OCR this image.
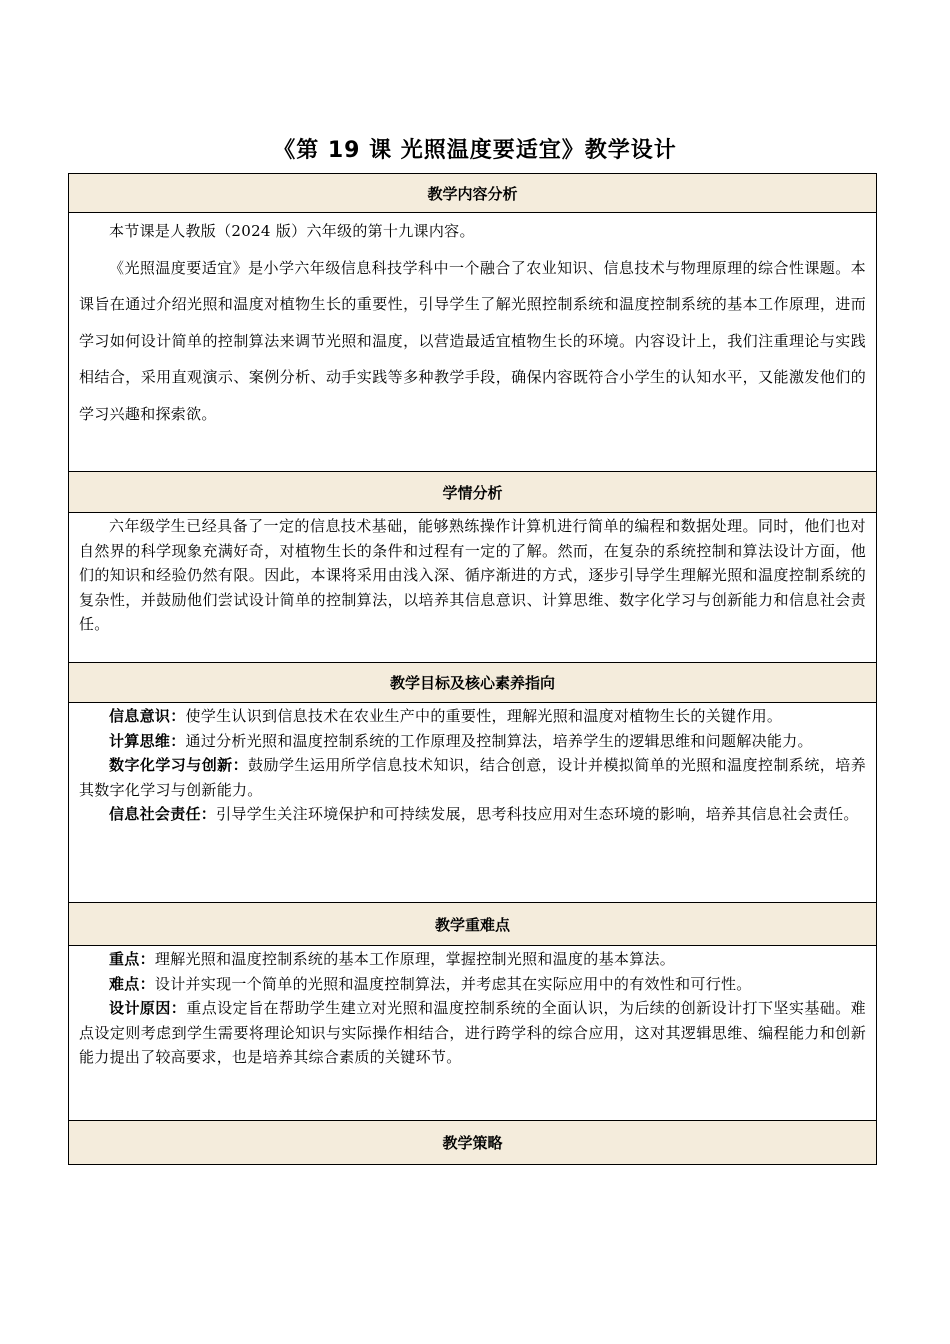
《第 19 课 光照温度要适宜》教学设计
教学内容分析

本节课是人教版（2024 版）六年级的第十九课内容。

《光照温度要适宜》是小学六年级信息科技学科中一个融合了农业知识、信息技术与物理原理的综合性课题。本课旨在通过介绍光照和温度对植物生长的重要性，引导学生了解光照控制系统和温度控制系统的基本工作原理，进而学习如何设计简单的控制算法来调节光照和温度，以营造最适宜植物生长的环境。内容设计上，我们注重理论与实践相结合，采用直观演示、案例分析、动手实践等多种教学手段，确保内容既符合小学生的认知水平，又能激发他们的学习兴趣和探索欲。

学情分析

六年级学生已经具备了一定的信息技术基础，能够熟练操作计算机进行简单的编程和数据处理。同时，他们也对自然界的科学现象充满好奇，对植物生长的条件和过程有一定的了解。然而，在复杂的系统控制和算法设计方面，他们的知识和经验仍然有限。因此，本课将采用由浅入深、循序渐进的方式，逐步引导学生理解光照和温度控制系统的复杂性，并鼓励他们尝试设计简单的控制算法，以培养其信息意识、计算思维、数字化学习与创新能力和信息社会责任。

教学目标及核心素养指向

信息意识：使学生认识到信息技术在农业生产中的重要性，理解光照和温度对植物生长的关键作用。

计算思维：通过分析光照和温度控制系统的工作原理及控制算法，培养学生的逻辑思维和问题解决能力。

数字化学习与创新：鼓励学生运用所学信息技术知识，结合创意，设计并模拟简单的光照和温度控制系统，培养其数字化学习与创新能力。

信息社会责任：引导学生关注环境保护和可持续发展，思考科技应用对生态环境的影响，培养其信息社会责任。

教学重难点

重点：理解光照和温度控制系统的基本工作原理，掌握控制光照和温度的基本算法。

难点：设计并实现一个简单的光照和温度控制算法，并考虑其在实际应用中的有效性和可行性。

设计原因：重点设定旨在帮助学生建立对光照和温度控制系统的全面认识，为后续的创新设计打下坚实基础。难点设定则考虑到学生需要将理论知识与实际操作相结合，进行跨学科的综合应用，这对其逻辑思维、编程能力和创新能力提出了较高要求，也是培养其综合素质的关键环节。

教学策略
